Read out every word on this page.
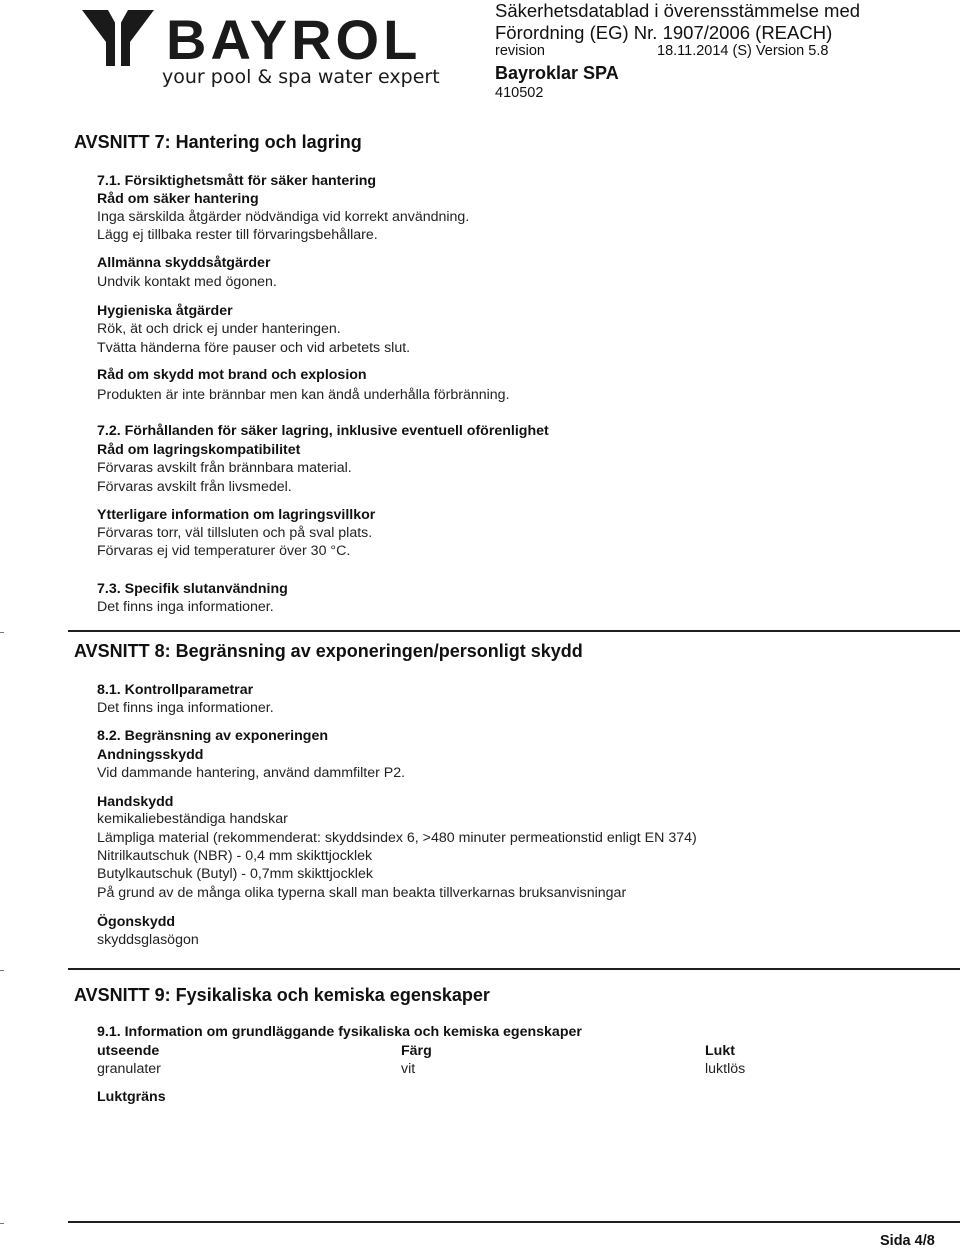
BAYROL
your pool & spa water expert
Säkerhetsdatablad i överensstämmelse med
Förordning (EG) Nr. 1907/2006 (REACH)
revision	18.11.2014 (S) Version 5.8
Bayroklar SPA
410502
AVSNITT 7: Hantering och lagring
7.1. Försiktighetsmått för säker hantering
Råd om säker hantering
Inga särskilda åtgärder nödvändiga vid korrekt användning.
Lägg ej tillbaka rester till förvaringsbehållare.
Allmänna skyddsåtgärder
Undvik kontakt med ögonen.
Hygieniska åtgärder
Rök, ät och drick ej under hanteringen.
Tvätta händerna före pauser och vid arbetets slut.
Råd om skydd mot brand och explosion
Produkten är inte brännbar men kan ändå underhålla förbränning.
7.2. Förhållanden för säker lagring, inklusive eventuell oförenlighet
Råd om lagringskompatibilitet
Förvaras avskilt från brännbara material.
Förvaras avskilt från livsmedel.
Ytterligare information om lagringsvillkor
Förvaras torr, väl tillsluten och på sval plats.
Förvaras ej vid temperaturer över 30 °C.
7.3. Specifik slutanvändning
Det finns inga informationer.
AVSNITT 8: Begränsning av exponeringen/personligt skydd
8.1. Kontrollparametrar
Det finns inga informationer.
8.2. Begränsning av exponeringen
Andningsskydd
Vid dammande hantering, använd dammfilter P2.
Handskydd
kemikaliebeständiga handskar
Lämpliga material (rekommenderat: skyddsindex 6, >480 minuter permeationstid enligt EN 374)
Nitrilkautschuk (NBR) - 0,4 mm skikttjocklek
Butylkautschuk (Butyl) - 0,7mm skikttjocklek
På grund av de många olika typerna skall man beakta tillverkarnas bruksanvisningar
Ögonskydd
skyddsglasögon
AVSNITT 9: Fysikaliska och kemiska egenskaper
9.1. Information om grundläggande fysikaliska och kemiska egenskaper
utseende	Färg	Lukt
granulater	vit	luktlös
Luktgräns
Sida 4/8
